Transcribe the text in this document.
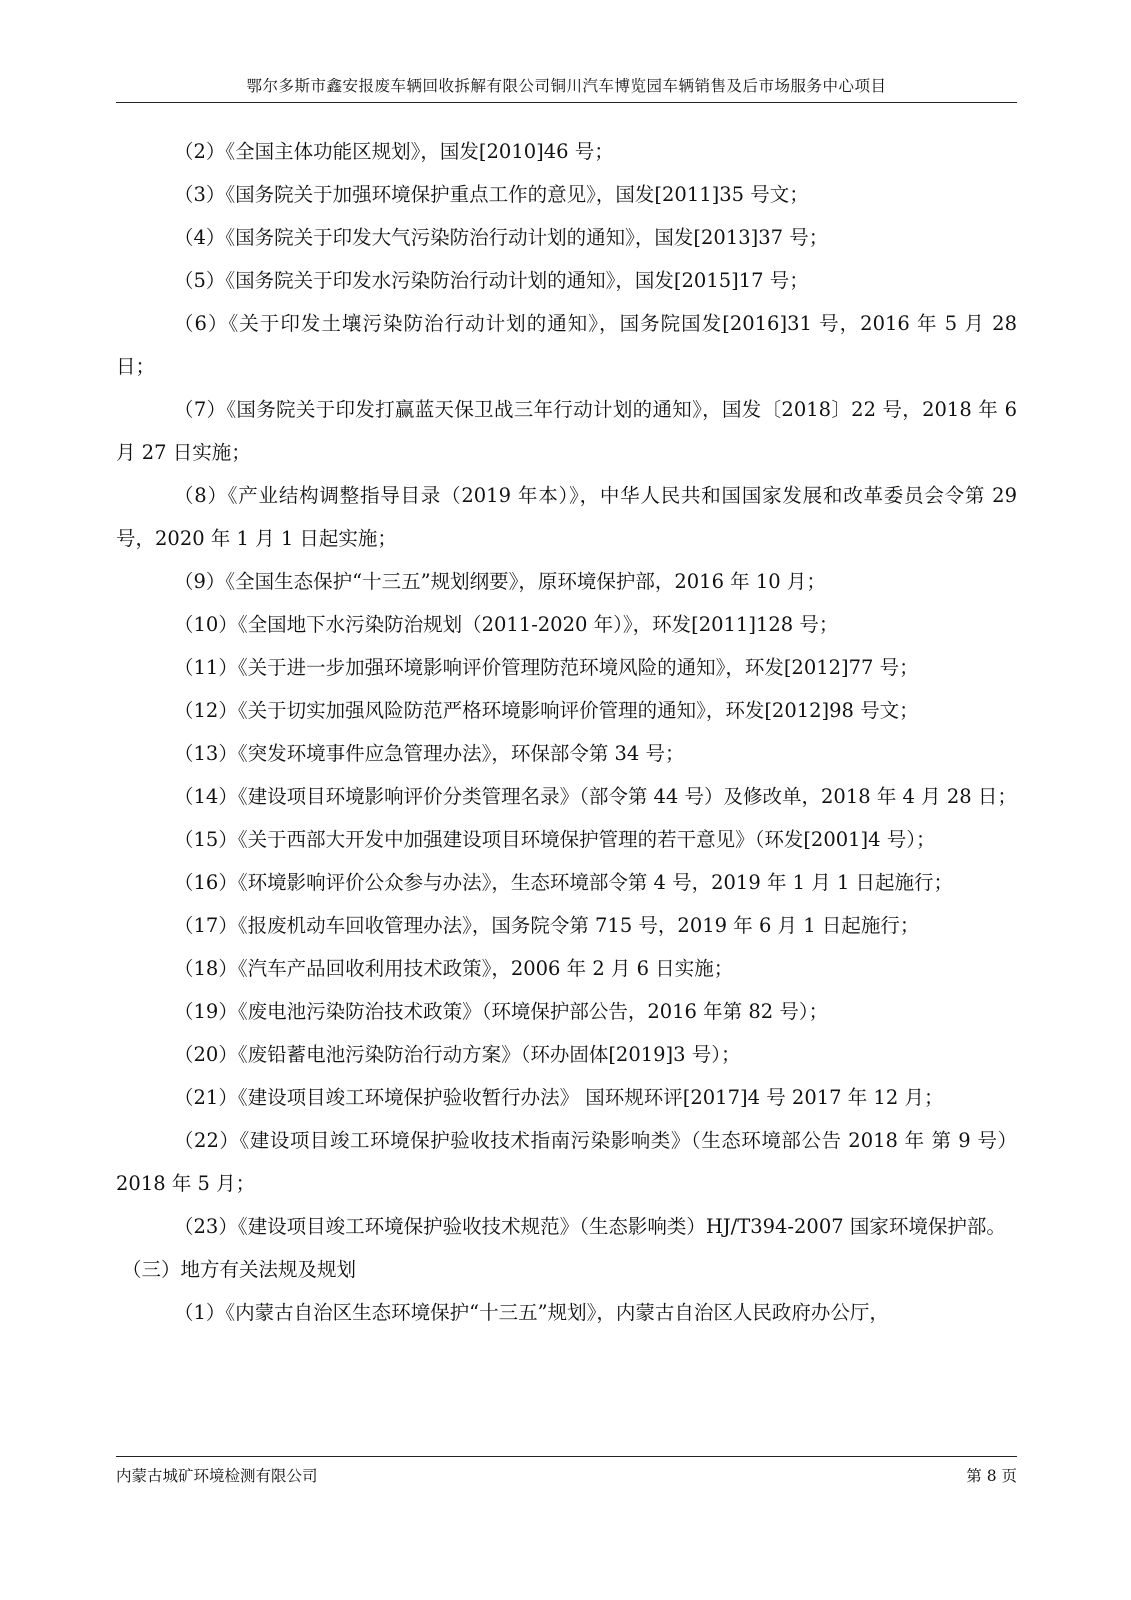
鄂尔多斯市鑫安报废车辆回收拆解有限公司铜川汽车博览园车辆销售及后市场服务中心项目

（2）《全国主体功能区规划》，国发[2010]46 号；

（3）《国务院关于加强环境保护重点工作的意见》，国发[2011]35 号文；

（4）《国务院关于印发大气污染防治行动计划的通知》，国发[2013]37 号；

（5）《国务院关于印发水污染防治行动计划的通知》，国发[2015]17 号；

（6）《关于印发土壤污染防治行动计划的通知》，国务院国发[2016]31 号，2016 年 5 月 28 日；

（7）《国务院关于印发打赢蓝天保卫战三年行动计划的通知》，国发〔2018〕22 号，2018 年 6 月 27 日实施；

（8）《产业结构调整指导目录（2019 年本）》，中华人民共和国国家发展和改革委员会令第 29 号，2020 年 1 月 1 日起实施；

（9）《全国生态保护“十三五”规划纲要》，原环境保护部，2016 年 10 月；

（10）《全国地下水污染防治规划（2011-2020 年）》，环发[2011]128 号；

（11）《关于进一步加强环境影响评价管理防范环境风险的通知》，环发[2012]77 号；

（12）《关于切实加强风险防范严格环境影响评价管理的通知》，环发[2012]98 号文；

（13）《突发环境事件应急管理办法》，环保部令第 34 号；

（14）《建设项目环境影响评价分类管理名录》（部令第 44 号）及修改单，2018 年 4 月 28 日；

（15）《关于西部大开发中加强建设项目环境保护管理的若干意见》（环发[2001]4 号）；

（16）《环境影响评价公众参与办法》，生态环境部令第 4 号，2019 年 1 月 1 日起施行；

（17）《报废机动车回收管理办法》，国务院令第 715 号，2019 年 6 月 1 日起施行；

（18）《汽车产品回收利用技术政策》，2006 年 2 月 6 日实施；

（19）《废电池污染防治技术政策》（环境保护部公告，2016 年第 82 号）；

（20）《废铅蓄电池污染防治行动方案》（环办固体[2019]3 号）；

（21）《建设项目竣工环境保护验收暂行办法》 国环规环评[2017]4 号 2017 年 12 月；

（22）《建设项目竣工环境保护验收技术指南污染影响类》（生态环境部公告 2018 年 第 9 号）2018 年 5 月；

（23）《建设项目竣工环境保护验收技术规范》（生态影响类）HJ/T394-2007 国家环境保护部。

（三）地方有关法规及规划

（1）《内蒙古自治区生态环境保护“十三五”规划》，内蒙古自治区人民政府办公厅，

内蒙古城矿环境检测有限公司	第 8 页
